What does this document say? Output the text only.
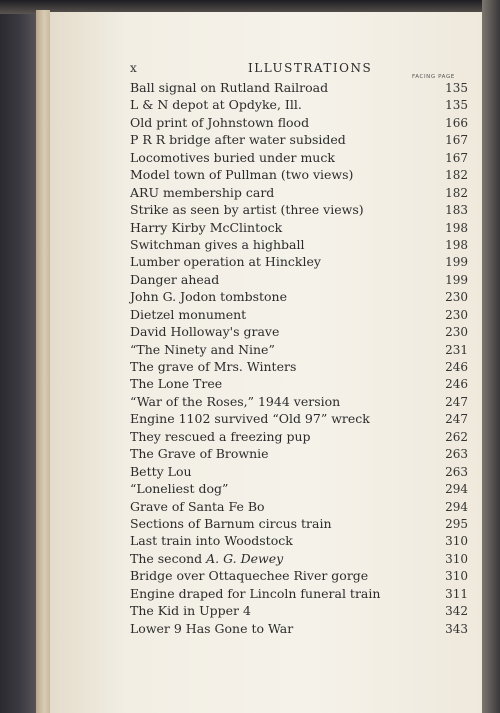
x	ILLUSTRATIONS
FACING PAGE
Ball signal on Rutland Railroad	135
L & N depot at Opdyke, Ill.	135
Old print of Johnstown flood	166
P R R bridge after water subsided	167
Locomotives buried under muck	167
Model town of Pullman (two views)	182
ARU membership card	182
Strike as seen by artist (three views)	183
Harry Kirby McClintock	198
Switchman gives a highball	198
Lumber operation at Hinckley	199
Danger ahead	199
John G. Jodon tombstone	230
Dietzel monument	230
David Holloway's grave	230
“The Ninety and Nine”	231
The grave of Mrs. Winters	246
The Lone Tree	246
“War of the Roses,” 1944 version	247
Engine 1102 survived “Old 97” wreck	247
They rescued a freezing pup	262
The Grave of Brownie	263
Betty Lou	263
“Loneliest dog”	294
Grave of Santa Fe Bo	294
Sections of Barnum circus train	295
Last train into Woodstock	310
The second A. G. Dewey	310
Bridge over Ottaquechee River gorge	310
Engine draped for Lincoln funeral train	311
The Kid in Upper 4	342
Lower 9 Has Gone to War	343
